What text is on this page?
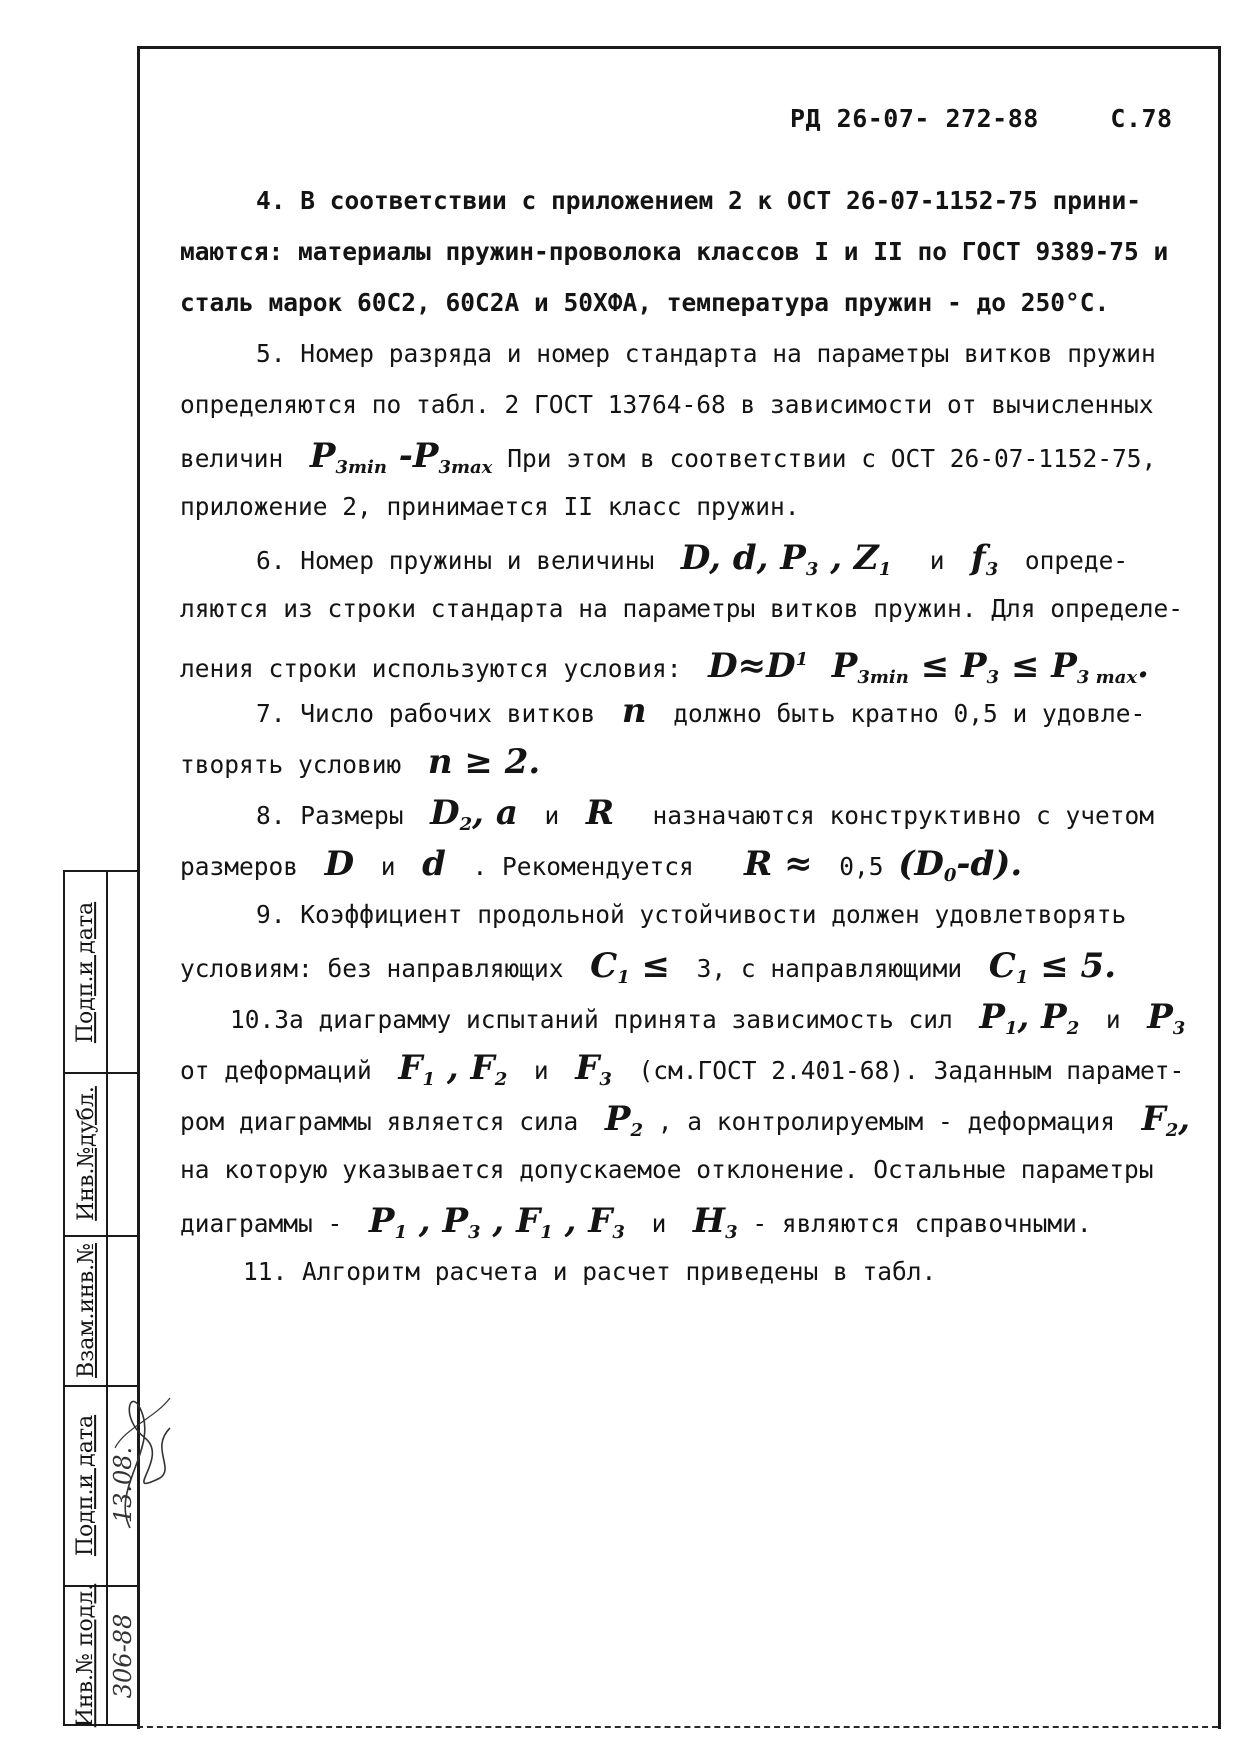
РД 26-07- 272-88	С.78
4. В соответствии с приложением 2 к ОСТ 26-07-1152-75 прини-
маются: материалы пружин-проволока классов I и II по ГОСТ 9389-75 и
сталь марок 60С2, 60С2А и 50ХФА, температура пружин - до 250°С.
5. Номер разряда и номер стандарта на параметры витков пружин
определяются по табл. 2 ГОСТ 13764-68 в зависимости от вычисленных
величин  P3min -P3max При этом в соответствии с ОСТ 26-07-1152-75,
приложение 2, принимается II класс пружин.
6. Номер пружины и величины  D, d, P3 , Z1 и  f3 опреде-
ляются из строки стандарта на параметры витков пружин. Для определе-
ления строки используются условия:  $D\approx D^1$  P3min ≤ P3 ≤ P3 max.
7. Число рабочих витков  n  должно быть кратно 0,5 и удовле-
творять условию  n ≥ 2.
8. Размеры  D2, a  и  R   назначаются конструктивно с учетом
размеров  D  и  d  . Рекомендуется    R ≈  0,5 (D0-d).
9. Коэффициент продольной устойчивости должен удовлетворять
условиям: без направляющих  C1 ≤  3, с направляющими  C1 ≤ 5.
10.За диаграмму испытаний принята зависимость сил  P1, P2 и  P3
от деформаций  F1 , F2 и  F3 (см.ГОСТ 2.401-68). Заданным парамет-
ром диаграммы является сила  P2 , а контролируемым - деформация  F2,
на которую указывается допускаемое отклонение. Остальные параметры
диаграммы -  P1 , P3 , F1 , F3 и  H3 - являются справочными.
11. Алгоритм расчета и расчет приведены в табл.
Подп.и дата
Инв.№дубл.
Взам.инв.№
Подп.и дата
Инв.№ подл.
13.08.
306-88
